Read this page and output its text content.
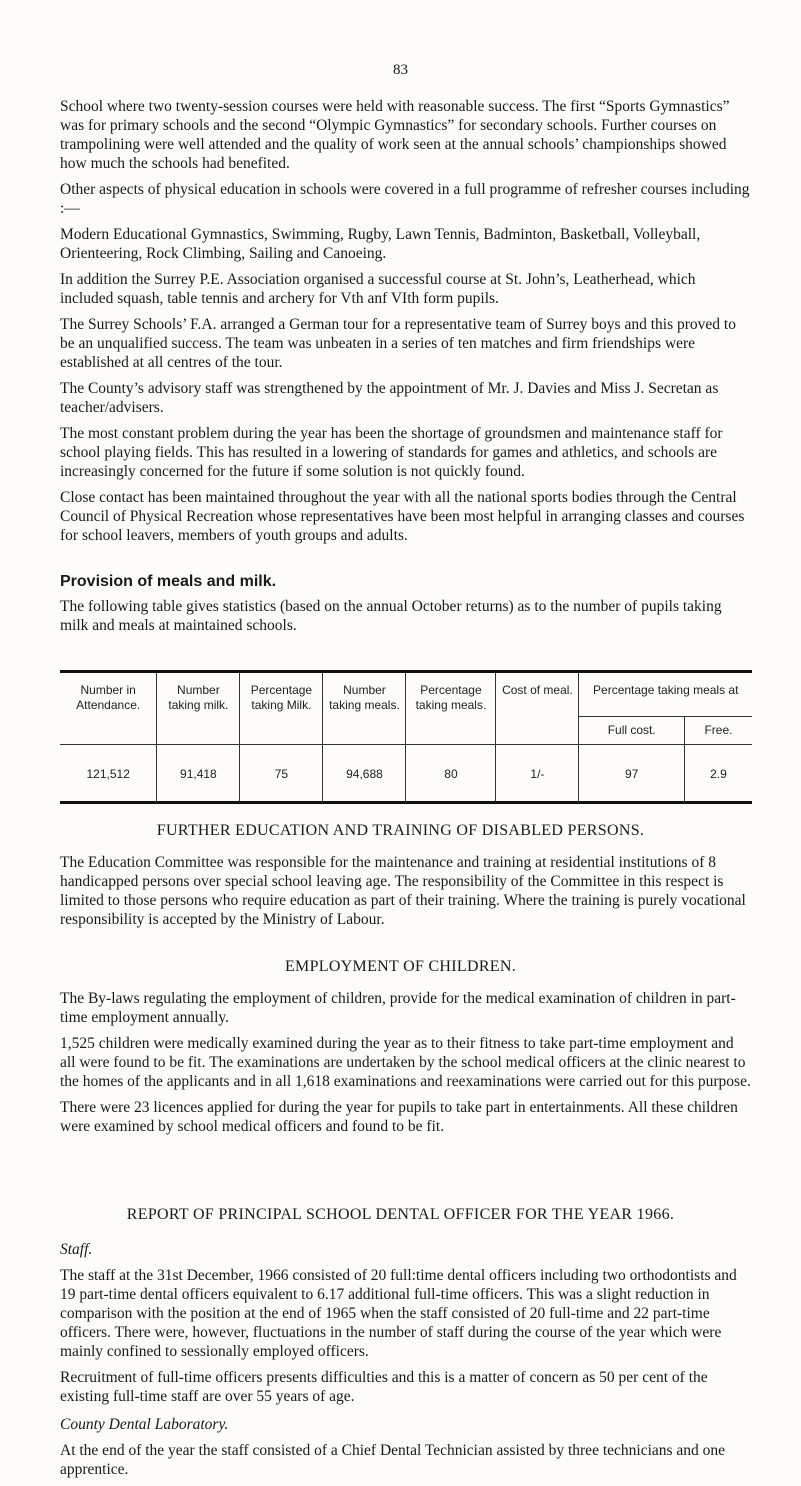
83

School where two twenty-session courses were held with reasonable success. The first “Sports Gymnastics” was for primary schools and the second “Olympic Gymnastics” for secondary schools. Further courses on trampolining were well attended and the quality of work seen at the annual schools’ championships showed how much the schools had benefited.

Other aspects of physical education in schools were covered in a full programme of refresher courses including :—

Modern Educational Gymnastics, Swimming, Rugby, Lawn Tennis, Badminton, Basketball, Volleyball, Orienteering, Rock Climbing, Sailing and Canoeing.

In addition the Surrey P.E. Association organised a successful course at St. John’s, Leatherhead, which included squash, table tennis and archery for Vth anf VIth form pupils.

The Surrey Schools’ F.A. arranged a German tour for a representative team of Surrey boys and this proved to be an unqualified success. The team was unbeaten in a series of ten matches and firm friendships were established at all centres of the tour.

The County’s advisory staff was strengthened by the appointment of Mr. J. Davies and Miss J. Secretan as teacher/advisers.

The most constant problem during the year has been the shortage of groundsmen and maintenance staff for school playing fields. This has resulted in a lowering of standards for games and athletics, and schools are increasingly concerned for the future if some solution is not quickly found.

Close contact has been maintained throughout the year with all the national sports bodies through the Central Council of Physical Recreation whose representatives have been most helpful in arranging classes and courses for school leavers, members of youth groups and adults.

Provision of meals and milk.

The following table gives statistics (based on the annual October returns) as to the number of pupils taking milk and meals at maintained schools.

Number in Attendance.	Number taking milk.	Percentage taking Milk.	Number taking meals.	Percentage taking meals.	Cost of meal.	Percentage taking meals at	
						Full cost.	Free.
121,512	91,418	75	94,688	80	1/-	97	2.9
FURTHER EDUCATION AND TRAINING OF DISABLED PERSONS.

The Education Committee was responsible for the maintenance and training at residential institutions of 8 handicapped persons over special school leaving age. The responsibility of the Committee in this respect is limited to those persons who require education as part of their training. Where the training is purely vocational responsibility is accepted by the Ministry of Labour.

EMPLOYMENT OF CHILDREN.

The By-laws regulating the employment of children, provide for the medical examination of children in part-time employment annually.

1,525 children were medically examined during the year as to their fitness to take part-time employment and all were found to be fit. The examinations are undertaken by the school medical officers at the clinic nearest to the homes of the applicants and in all 1,618 examinations and reexaminations were carried out for this purpose.

There were 23 licences applied for during the year for pupils to take part in entertainments. All these children were examined by school medical officers and found to be fit.

REPORT OF PRINCIPAL SCHOOL DENTAL OFFICER FOR THE YEAR 1966.

Staff.

The staff at the 31st December, 1966 consisted of 20 full:time dental officers including two orthodontists and 19 part-time dental officers equivalent to 6.17 additional full-time officers. This was a slight reduction in comparison with the position at the end of 1965 when the staff consisted of 20 full-time and 22 part-time officers. There were, however, fluctuations in the number of staff during the course of the year which were mainly confined to sessionally employed officers.

Recruitment of full-time officers presents difficulties and this is a matter of concern as 50 per cent of the existing full-time staff are over 55 years of age.

County Dental Laboratory.

At the end of the year the staff consisted of a Chief Dental Technician assisted by three technicians and one apprentice.
